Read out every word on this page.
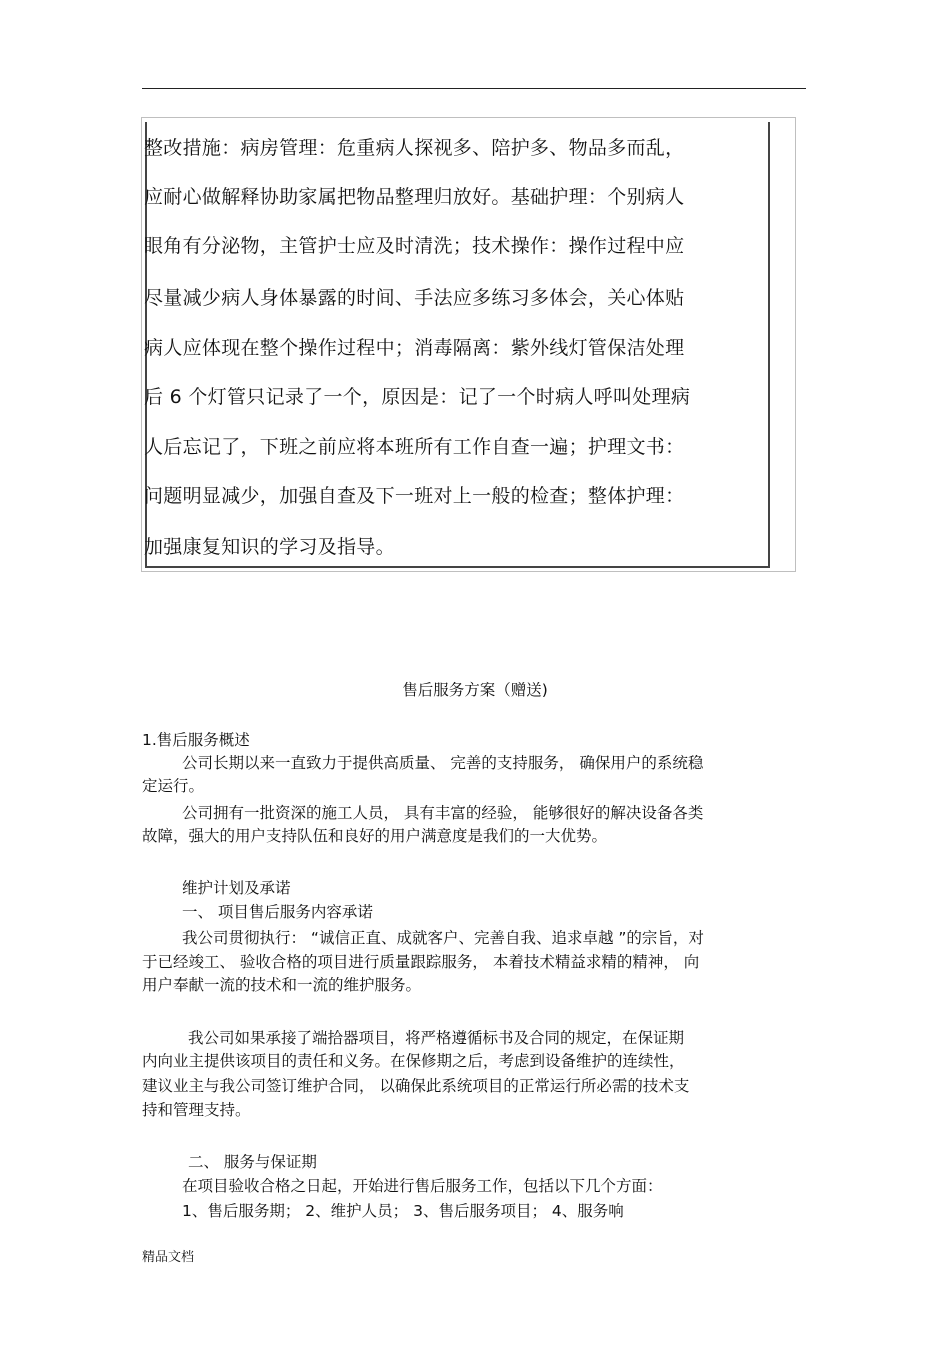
整改措施：病房管理：危重病人探视多、陪护多、物品多而乱，
应耐心做解释协助家属把物品整理归放好。基础护理：个别病人
眼角有分泌物，主管护士应及时清洗；技术操作：操作过程中应
尽量减少病人身体暴露的时间、手法应多练习多体会，关心体贴
病人应体现在整个操作过程中；消毒隔离：紫外线灯管保洁处理
后 6 个灯管只记录了一个，原因是：记了一个时病人呼叫处理病
人后忘记了，下班之前应将本班所有工作自查一遍；护理文书：
问题明显减少，加强自查及下一班对上一般的检查；整体护理：
加强康复知识的学习及指导。
售后服务方案（赠送)
1.售后服务概述
公司长期以来一直致力于提供高质量、 完善的支持服务， 确保用户的系统稳
定运行。
公司拥有一批资深的施工人员， 具有丰富的经验， 能够很好的解决设备各类
故障，强大的用户支持队伍和良好的用户满意度是我们的一大优势。
维护计划及承诺
一、 项目售后服务内容承诺
我公司贯彻执行： “诚信正直、成就客户、完善自我、追求卓越 ”的宗旨，对
于已经竣工、 验收合格的项目进行质量跟踪服务， 本着技术精益求精的精神， 向
用户奉献一流的技术和一流的维护服务。
我公司如果承接了端拾器项目，将严格遵循标书及合同的规定，在保证期
内向业主提供该项目的责任和义务。在保修期之后，考虑到设备维护的连续性，
建议业主与我公司签订维护合同， 以确保此系统项目的正常运行所必需的技术支
持和管理支持。
二、 服务与保证期
在项目验收合格之日起，开始进行售后服务工作，包括以下几个方面：
1、售后服务期； 2、维护人员； 3、售后服务项目； 4、服务响
精品文档
